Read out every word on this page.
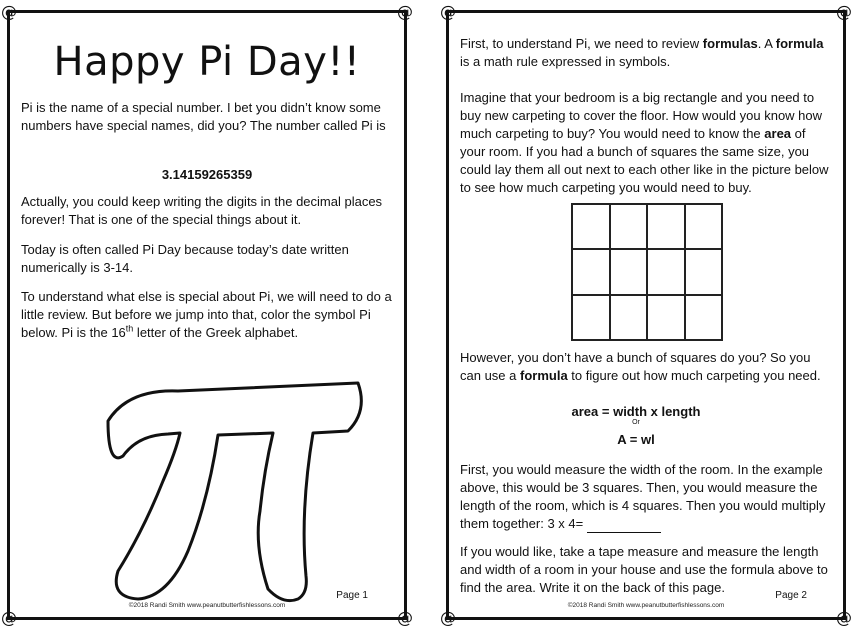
@	@
@	@
Happy Pi Day!!
Pi is the name of a special number. I bet you didn’t know some numbers have special names, did you? The number called Pi is
3.14159265359
Actually, you could keep writing the digits in the decimal places forever! That is one of the special things about it.
Today is often called Pi Day because today’s date written numerically is 3-14.
To understand what else is special about Pi, we will need to do a little review. But before we jump into that, color the symbol Pi below. Pi is the 16th letter of the Greek alphabet.
©2018 Randi Smith www.peanutbutterfishlessons.com
Page 1
@	@
@	@
First, to understand Pi, we need to review formulas. A formula is a math rule expressed in symbols.
Imagine that your bedroom is a big rectangle and you need to buy new carpeting to cover the floor. How would you know how much carpeting to buy? You would need to know the area of your room. If you had a bunch of squares the same size, you could lay them all out next to each other like in the picture below to see how much carpeting you would need to buy.
However, you don’t have a bunch of squares do you? So you can use a formula to figure out how much carpeting you need.
area = width x length
Or
A = wl
First, you would measure the width of the room. In the example above, this would be 3 squares. Then, you would measure the length of the room, which is 4 squares. Then you would multiply them together: 3 x 4=
If you would like, take a tape measure and measure the length and width of a room in your house and use the formula above to find the area. Write it on the back of this page.
©2018 Randi Smith www.peanutbutterfishlessons.com
Page 2
